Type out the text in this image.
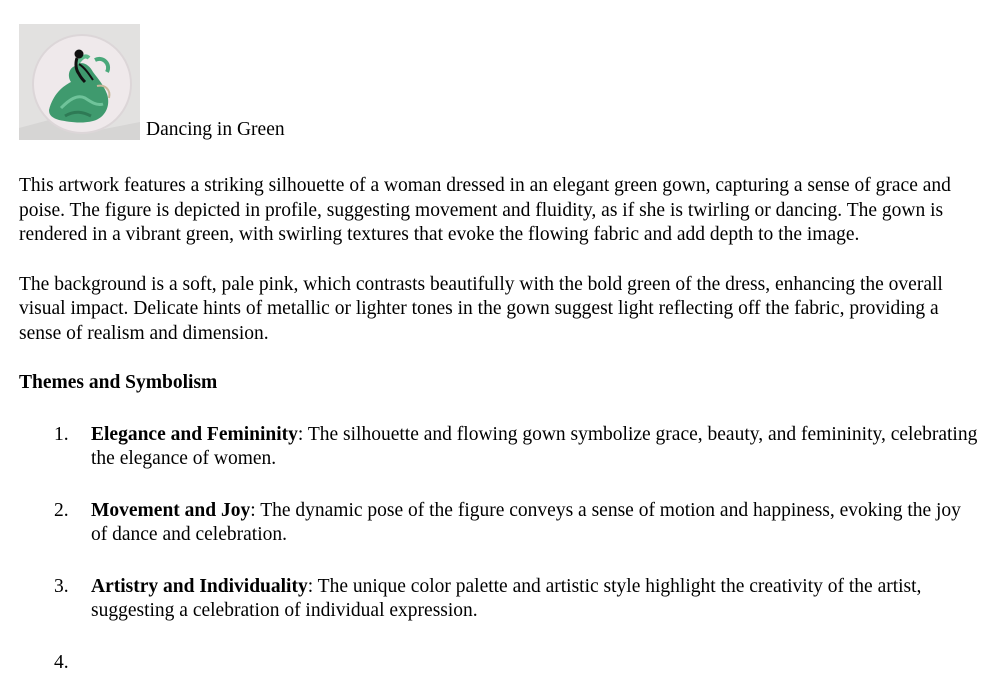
Dancing in Green

This artwork features a striking silhouette of a woman dressed in an elegant green gown, capturing a sense of grace and poise. The figure is depicted in profile, suggesting movement and fluidity, as if she is twirling or dancing. The gown is rendered in a vibrant green, with swirling textures that evoke the flowing fabric and add depth to the image.

The background is a soft, pale pink, which contrasts beautifully with the bold green of the dress, enhancing the overall visual impact. Delicate hints of metallic or lighter tones in the gown suggest light reflecting off the fabric, providing a sense of realism and dimension.

Themes and Symbolism
1. Elegance and Femininity: The silhouette and flowing gown symbolize grace, beauty, and femininity, celebrating the elegance of women.
2. Movement and Joy: The dynamic pose of the figure conveys a sense of motion and happiness, evoking the joy of dance and celebration.
3. Artistry and Individuality: The unique color palette and artistic style highlight the creativity of the artist, suggesting a celebration of individual expression.
4.
